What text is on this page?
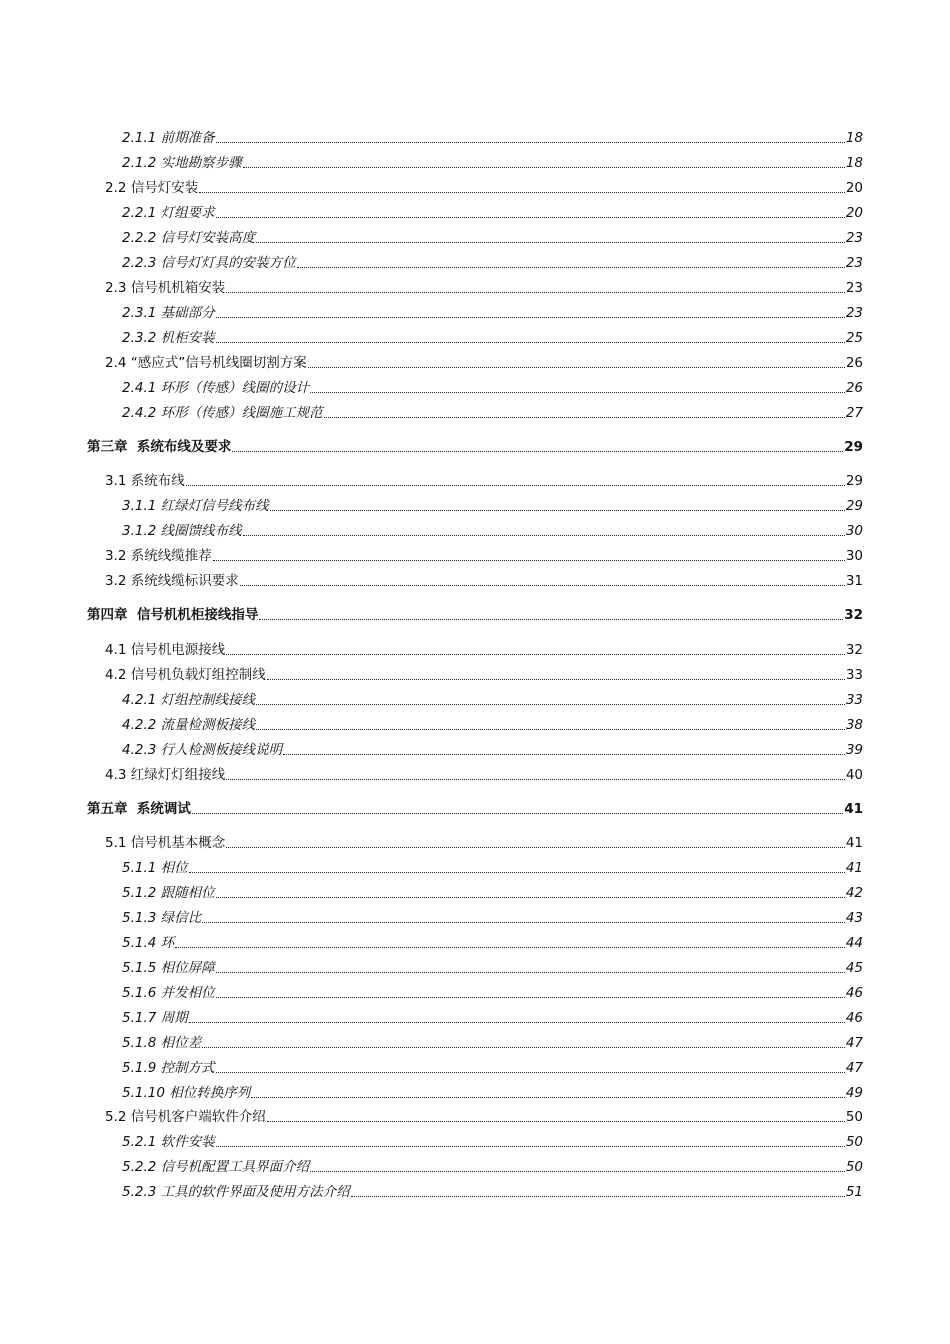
2.1.1 前期准备	18
2.1.2 实地勘察步骤	18
2.2 信号灯安装	20
2.2.1 灯组要求	20
2.2.2 信号灯安装高度	23
2.2.3 信号灯灯具的安装方位	23
2.3 信号机机箱安装	23
2.3.1 基础部分	23
2.3.2 机柜安装	25
2.4 “感应式”信号机线圈切割方案	26
2.4.1 环形（传感）线圈的设计	26
2.4.2 环形（传感）线圈施工规范	27
第三章 系统布线及要求	29
3.1 系统布线	29
3.1.1 红绿灯信号线布线	29
3.1.2 线圈馈线布线	30
3.2 系统线缆推荐	30
3.2 系统线缆标识要求	31
第四章 信号机机柜接线指导	32
4.1 信号机电源接线	32
4.2 信号机负载灯组控制线	33
4.2.1 灯组控制线接线	33
4.2.2 流量检测板接线	38
4.2.3 行人检测板接线说明	39
4.3 红绿灯灯组接线	40
第五章 系统调试	41
5.1 信号机基本概念	41
5.1.1 相位	41
5.1.2 跟随相位	42
5.1.3 绿信比	43
5.1.4 环	44
5.1.5 相位屏障	45
5.1.6 并发相位	46
5.1.7 周期	46
5.1.8 相位差	47
5.1.9 控制方式	47
5.1.10 相位转换序列	49
5.2 信号机客户端软件介绍	50
5.2.1 软件安装	50
5.2.2 信号机配置工具界面介绍	50
5.2.3 工具的软件界面及使用方法介绍	51
